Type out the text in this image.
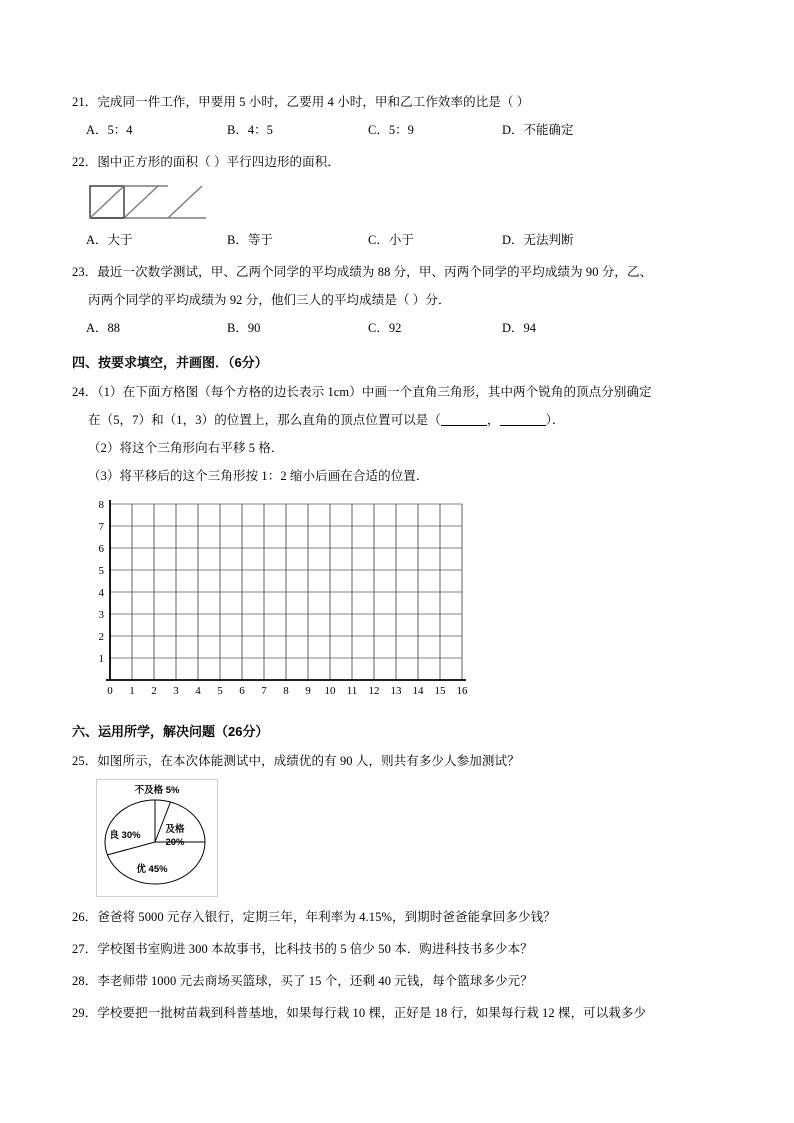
21．完成同一件工作，甲要用 5 小时，乙要用 4 小时，甲和乙工作效率的比是（ ）
A．5：4	B．4：5	C．5：9	D．不能确定
22．图中正方形的面积（ ）平行四边形的面积．
A．大于	B．等于	C．小于	D．无法判断
23．最近一次数学测试，甲、乙两个同学的平均成绩为 88 分，甲、丙两个同学的平均成绩为 90 分，乙、
丙两个同学的平均成绩为 92 分，他们三人的平均成绩是（ ）分．
A．88	B．90	C．92	D．94
四、按要求填空，并画图．（6分）
24．（1）在下面方格图（每个方格的边长表示 1cm）中画一个直角三角形，其中两个锐角的顶点分别确定
在（5，7）和（1，3）的位置上，那么直角的顶点位置可以是（	，	）．
（2）将这个三角形向右平移 5 格．
（3）将平移后的这个三角形按 1：2 缩小后画在合适的位置．
8
7
6
5
4
3
2
1
0 1 2 3 4 5 6 7 8 9 10 11 12 13 14 15 16
六、运用所学，解决问题（26分）
25．如图所示，在本次体能测试中，成绩优的有 90 人，则共有多少人参加测试？
不及格 5%
及格
20%
良 30%
优 45%
26．爸爸将 5000 元存入银行，定期三年，年利率为 4.15%，到期时爸爸能拿回多少钱？
27．学校图书室购进 300 本故事书，比科技书的 5 倍少 50 本．购进科技书多少本？
28．李老师带 1000 元去商场买篮球，买了 15 个，还剩 40 元钱，每个篮球多少元？
29．学校要把一批树苗栽到科普基地，如果每行栽 10 棵，正好是 18 行，如果每行栽 12 棵，可以栽多少
